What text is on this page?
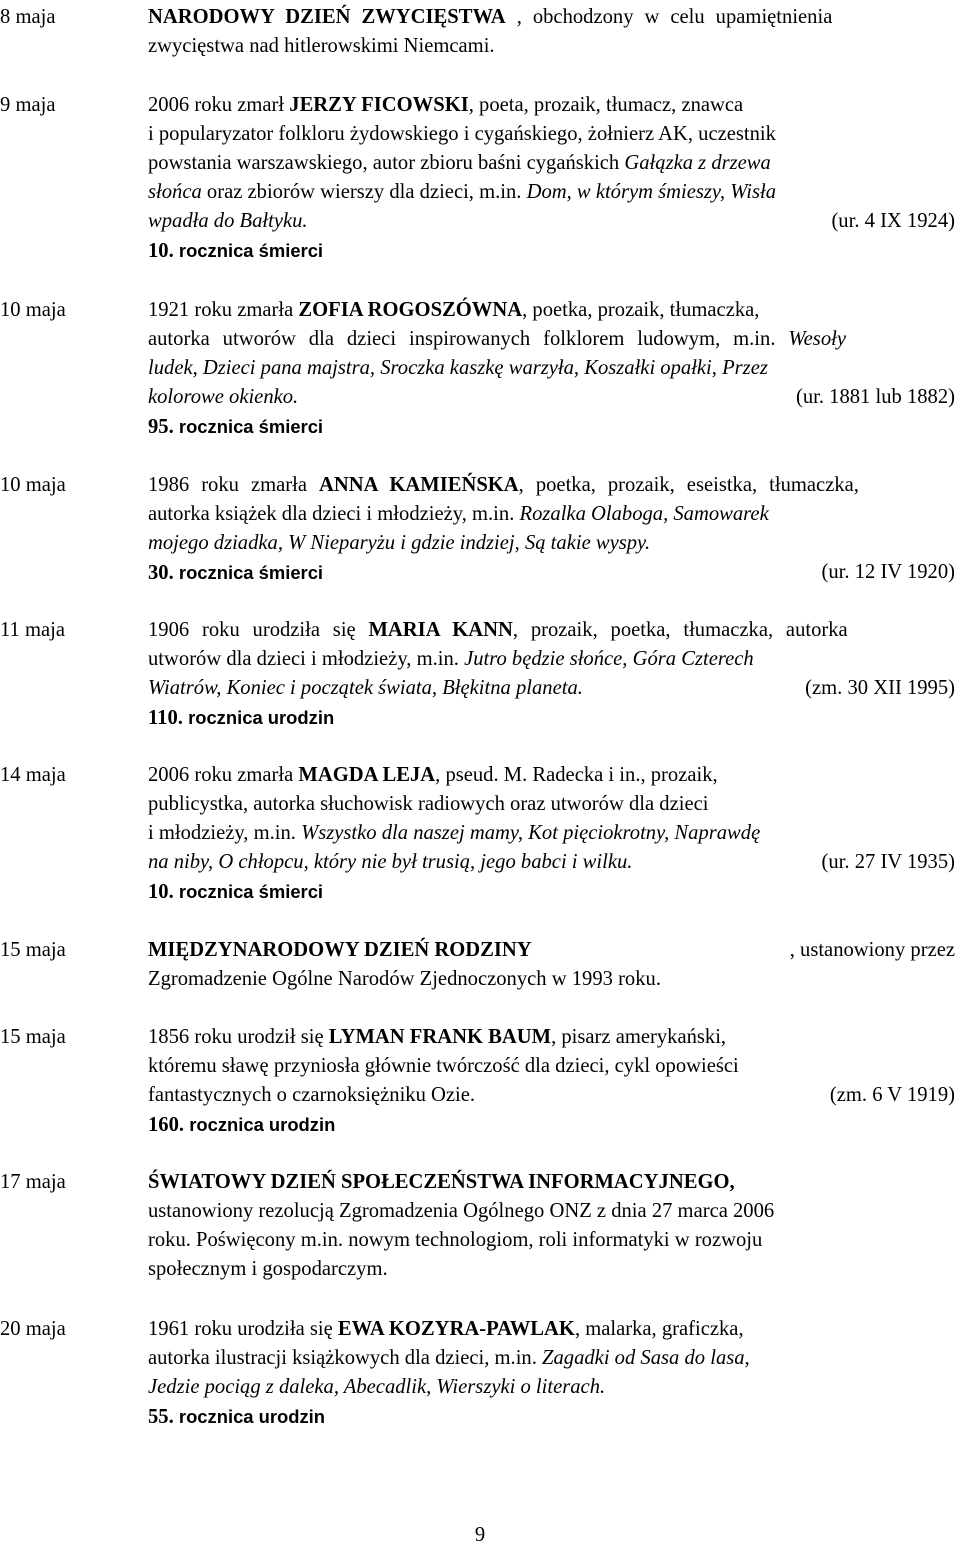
8 maja	NARODOWY DZIEŃ ZWYCIĘSTWA , obchodzony w celu upamiętnienia
zwycięstwa nad hitlerowskimi Niemcami.
9 maja	2006 roku zmarł JERZY FICOWSKI, poeta, prozaik, tłumacz, znawca
i popularyzator folkloru żydowskiego i cygańskiego, żołnierz AK, uczestnik
powstania warszawskiego, autor zbioru baśni cygańskich Gałązka z drzewa
słońca oraz zbiorów wierszy dla dzieci, m.in. Dom, w którym śmieszy, Wisła
wpadła do Bałtyku.	(ur. 4 IX 1924)
10. rocznica śmierci
10 maja	1921 roku zmarła ZOFIA ROGOSZÓWNA, poetka, prozaik, tłumaczka,
autorka utworów dla dzieci inspirowanych folklorem ludowym, m.in. Wesoły
ludek, Dzieci pana majstra, Sroczka kaszkę warzyła, Koszałki opałki, Przez
kolorowe okienko.	(ur. 1881 lub 1882)
95. rocznica śmierci
10 maja	1986 roku zmarła ANNA KAMIEŃSKA, poetka, prozaik, eseistka, tłumaczka,
autorka książek dla dzieci i młodzieży, m.in. Rozalka Olaboga, Samowarek
mojego dziadka, W Nieparyżu i gdzie indziej, Są takie wyspy.
30. rocznica śmierci	(ur. 12 IV 1920)
11 maja	1906 roku urodziła się MARIA KANN, prozaik, poetka, tłumaczka, autorka
utworów dla dzieci i młodzieży, m.in. Jutro będzie słońce, Góra Czterech
Wiatrów, Koniec i początek świata, Błękitna planeta.	(zm. 30 XII 1995)
110. rocznica urodzin
14 maja	2006 roku zmarła MAGDA LEJA, pseud. M. Radecka i in., prozaik,
publicystka, autorka słuchowisk radiowych oraz utworów dla dzieci
i młodzieży, m.in. Wszystko dla naszej mamy, Kot pięciokrotny, Naprawdę
na niby, O chłopcu, który nie był trusią, jego babci i wilku.	(ur. 27 IV 1935)
10. rocznica śmierci
15 maja	MIĘDZYNARODOWY DZIEŃ RODZINY	, ustanowiony przez
Zgromadzenie Ogólne Narodów Zjednoczonych w 1993 roku.
15 maja	1856 roku urodził się LYMAN FRANK BAUM, pisarz amerykański,
któremu sławę przyniosła głównie twórczość dla dzieci, cykl opowieści
fantastycznych o czarnoksiężniku Ozie.	(zm. 6 V 1919)
160. rocznica urodzin
17 maja	ŚWIATOWY DZIEŃ SPOŁECZEŃSTWA INFORMACYJNEGO,
ustanowiony rezolucją Zgromadzenia Ogólnego ONZ z dnia 27 marca 2006
roku. Poświęcony m.in. nowym technologiom, roli informatyki w rozwoju
społecznym i gospodarczym.
20 maja	1961 roku urodziła się EWA KOZYRA-PAWLAK, malarka, graficzka,
autorka ilustracji książkowych dla dzieci, m.in. Zagadki od Sasa do lasa,
Jedzie pociąg z daleka, Abecadlik, Wierszyki o literach.
55. rocznica urodzin
9
